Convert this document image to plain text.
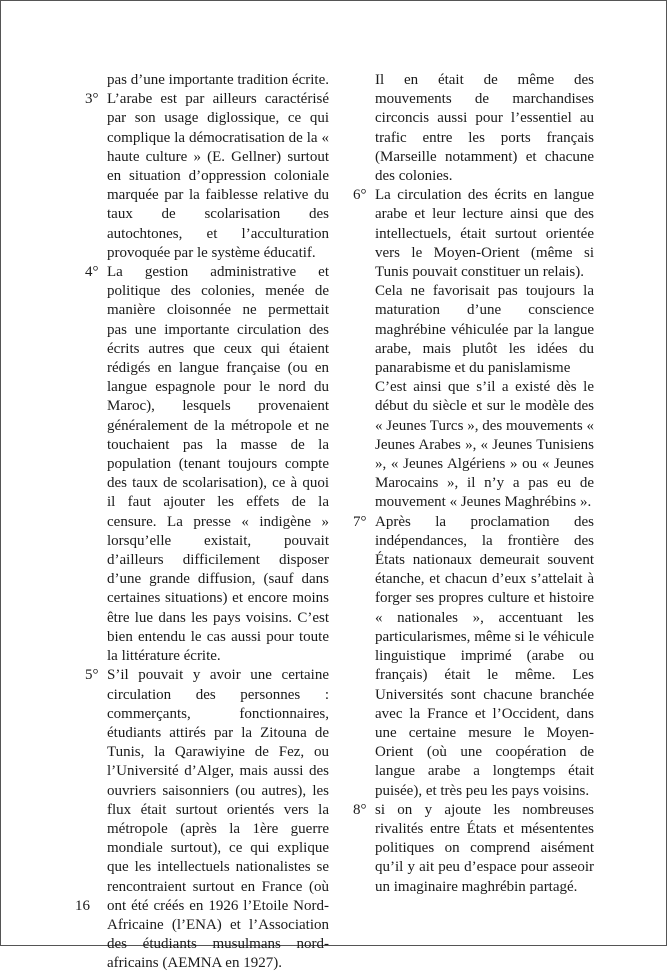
pas d’une importante tradition écrite.
3° L’arabe est par ailleurs caractérisé par son usage diglossique, ce qui complique la démocratisation de la « haute culture » (E. Gellner) surtout en situation d’oppression coloniale marquée par la faiblesse relative du taux de scolarisation des autochtones, et l’acculturation provoquée par le système éducatif.
4° La gestion administrative et politique des colonies, menée de manière cloisonnée ne permettait pas une importante circulation des écrits autres que ceux qui étaient rédigés en langue française (ou en langue espagnole pour le nord du Maroc), lesquels provenaient généralement de la métropole et ne touchaient pas la masse de la population (tenant toujours compte des taux de scolarisation), ce à quoi il faut ajouter les effets de la censure. La presse « indigène » lorsqu’elle existait, pouvait d’ailleurs difficilement disposer d’une grande diffusion, (sauf dans certaines situations) et encore moins être lue dans les pays voisins. C’est bien entendu le cas aussi pour toute la littérature écrite.
5° S’il pouvait y avoir une certaine circulation des personnes : commerçants, fonctionnaires, étudiants attirés par la Zitouna de Tunis, la Qarawiyine de Fez, ou l’Université d’Alger, mais aussi des ouvriers saisonniers (ou autres), les flux était surtout orientés vers la métropole (après la 1ère guerre mondiale surtout), ce qui explique que les intellectuels nationalistes se rencontraient surtout en France (où ont été créés en 1926 l’Etoile Nord-Africaine (l’ENA) et l’Association des étudiants musulmans nord-africains (AEMNA en 1927).
Il en était de même des mouvements de marchandises circoncis aussi pour l’essentiel au trafic entre les ports français (Marseille notamment) et chacune des colonies.
6° La circulation des écrits en langue arabe et leur lecture ainsi que des intellectuels, était surtout orientée vers le Moyen-Orient (même si Tunis pouvait constituer un relais).
Cela ne favorisait pas toujours la maturation d’une conscience maghrébine véhiculée par la langue arabe, mais plutôt les idées du panarabisme et du panislamisme
C’est ainsi que s’il a existé dès le début du siècle et sur le modèle des « Jeunes Turcs », des mouvements « Jeunes Arabes », « Jeunes Tunisiens », « Jeunes Algériens » ou « Jeunes Marocains », il n’y a pas eu de mouvement « Jeunes Maghrébins ».
7° Après la proclamation des indépendances, la frontière des États nationaux demeurait souvent étanche, et chacun d’eux s’attelait à forger ses propres culture et histoire « nationales », accentuant les particularismes, même si le véhicule linguistique imprimé (arabe ou français) était le même. Les Universités sont chacune branchée avec la France et l’Occident, dans une certaine mesure le Moyen-Orient (où une coopération de langue arabe a longtemps était puisée), et très peu les pays voisins.
8° si on y ajoute les nombreuses rivalités entre États et mésententes politiques on comprend aisément qu’il y ait peu d’espace pour asseoir un imaginaire maghrébin partagé.
16
